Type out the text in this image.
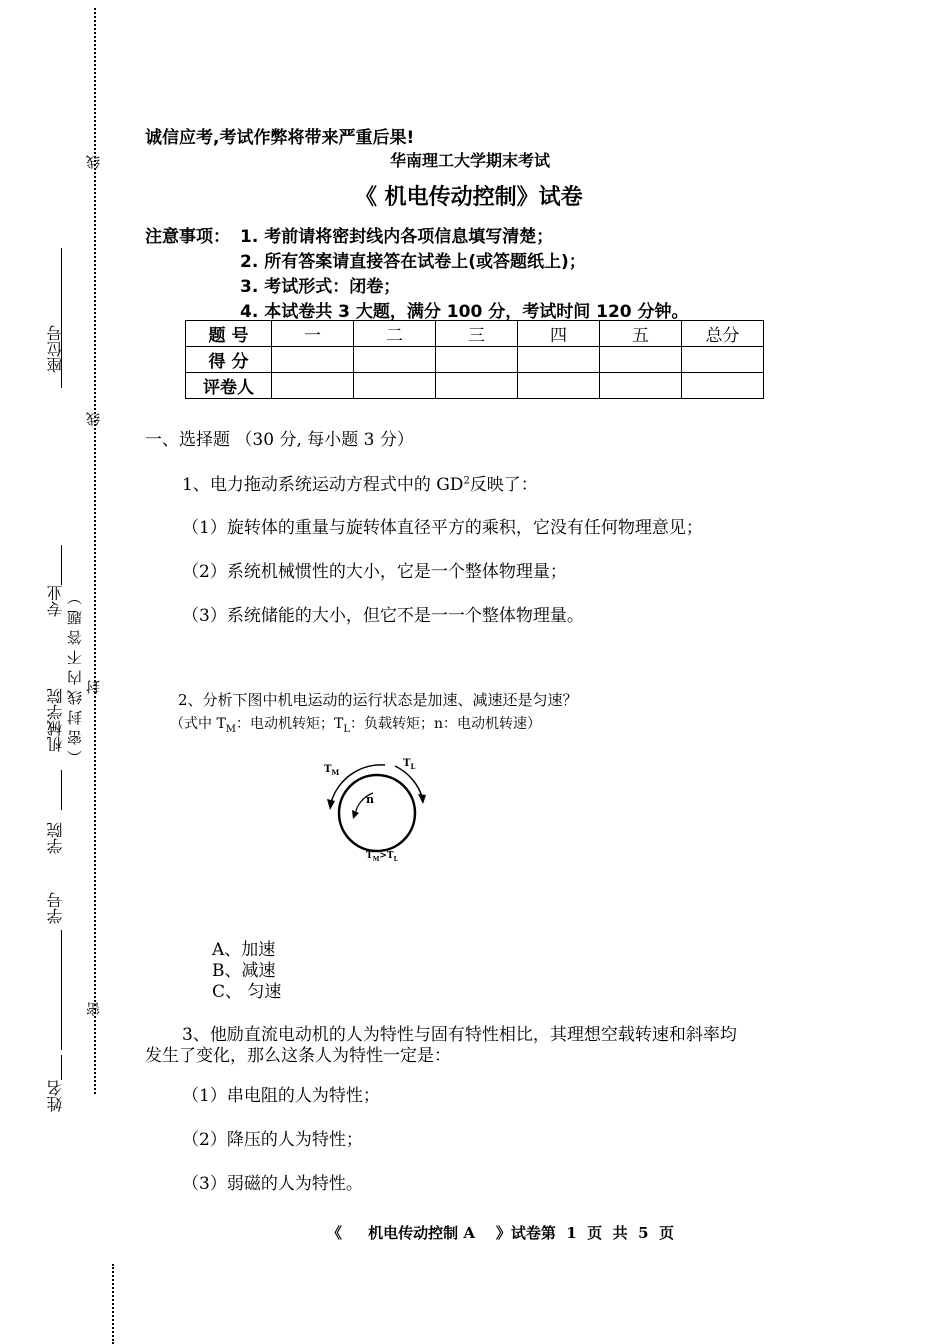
线
座位号
线
专业 （密封线内不答题） 封
机械学院
学院
学号
密
姓名
诚信应考,考试作弊将带来严重后果!
华南理工大学期末考试
《 机电传动控制》试卷
注意事项： 1. 考前请将密封线内各项信息填写清楚；
2. 所有答案请直接答在试卷上(或答题纸上)；
3. 考试形式：闭卷；
4. 本试卷共 3 大题，满分 100 分，考试时间 120 分钟。
题 号	一	二	三	四	五	总分
得 分						
评卷人						
一、选择题 （30 分, 每小题 3 分）
1、电力拖动系统运动方程式中的 $GD^2$反映了：
（1）旋转体的重量与旋转体直径平方的乘积，它没有任何物理意见；
（2）系统机械惯性的大小，它是一个整体物理量；
（3）系统储能的大小，但它不是一一个整体物理量。
2、分析下图中机电运动的运行状态是加速、减速还是匀速？
（式中 $T_M$：电动机转矩；$T_L$：负载转矩；n：电动机转速）
$T_M$
$T_L$
n
$T_M>T_L$
A、加速
B、减速
C、 匀速
3、他励直流电动机的人为特性与固有特性相比，其理想空载转速和斜率均
发生了变化，那么这条人为特性一定是：
（1）串电阻的人为特性；
（2）降压的人为特性；
（3）弱磁的人为特性。
《     机电传动控制 A    》试卷第  1  页  共  5  页
